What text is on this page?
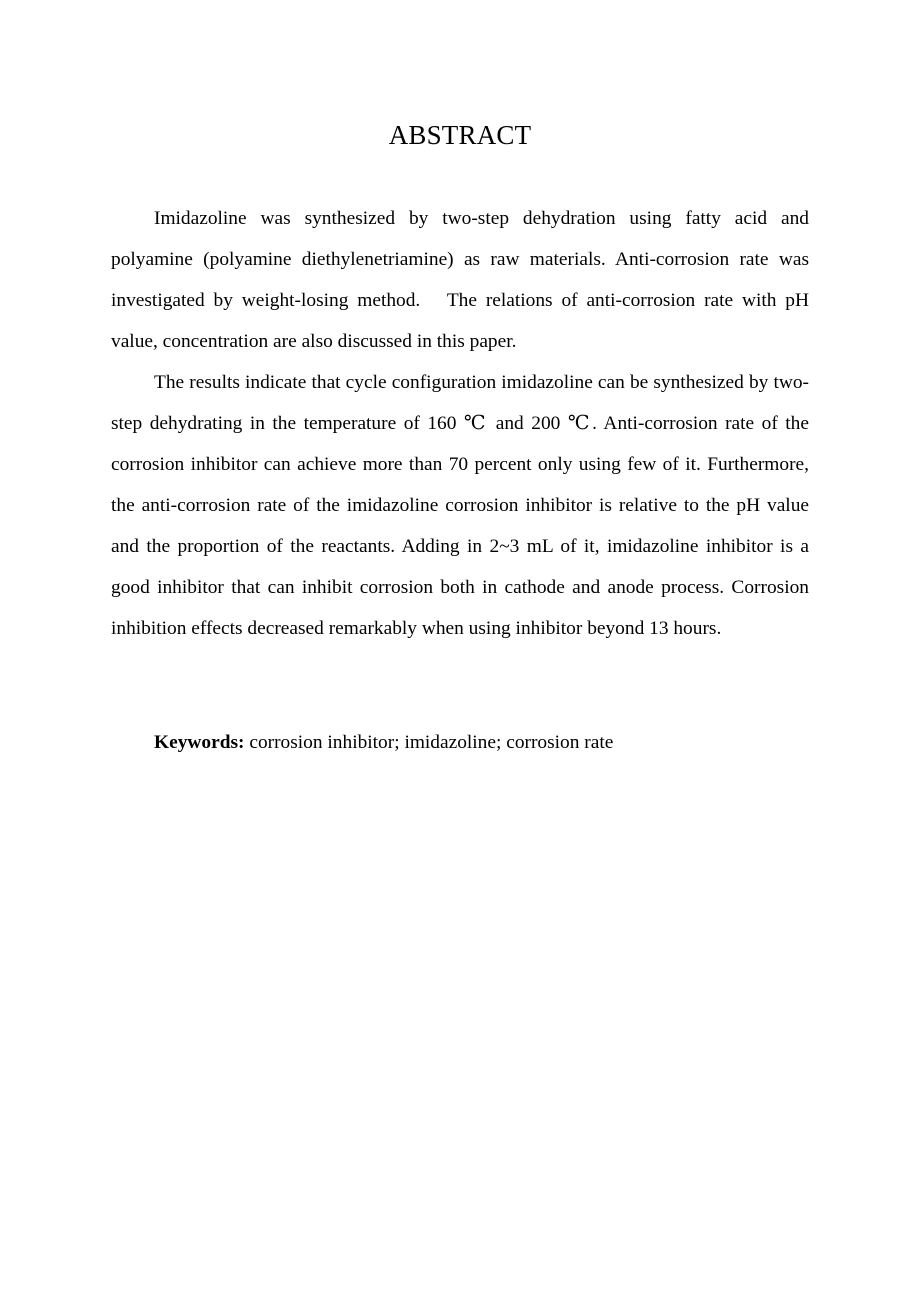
ABSTRACT

Imidazoline was synthesized by two-step dehydration using fatty acid and polyamine (polyamine diethylenetriamine) as raw materials. Anti-corrosion rate was investigated by weight-losing method.   The relations of anti-corrosion rate with pH value, concentration are also discussed in this paper.

The results indicate that cycle configuration imidazoline can be synthesized by two-step dehydrating in the temperature of 160 ℃ and 200 ℃. Anti-corrosion rate of the corrosion inhibitor can achieve more than 70 percent only using few of it. Furthermore, the anti-corrosion rate of the imidazoline corrosion inhibitor is relative to the pH value and the proportion of the reactants. Adding in 2~3 mL of it, imidazoline inhibitor is a good inhibitor that can inhibit corrosion both in cathode and anode process. Corrosion inhibition effects decreased remarkably when using inhibitor beyond 13 hours.

Keywords: corrosion inhibitor; imidazoline; corrosion rate
